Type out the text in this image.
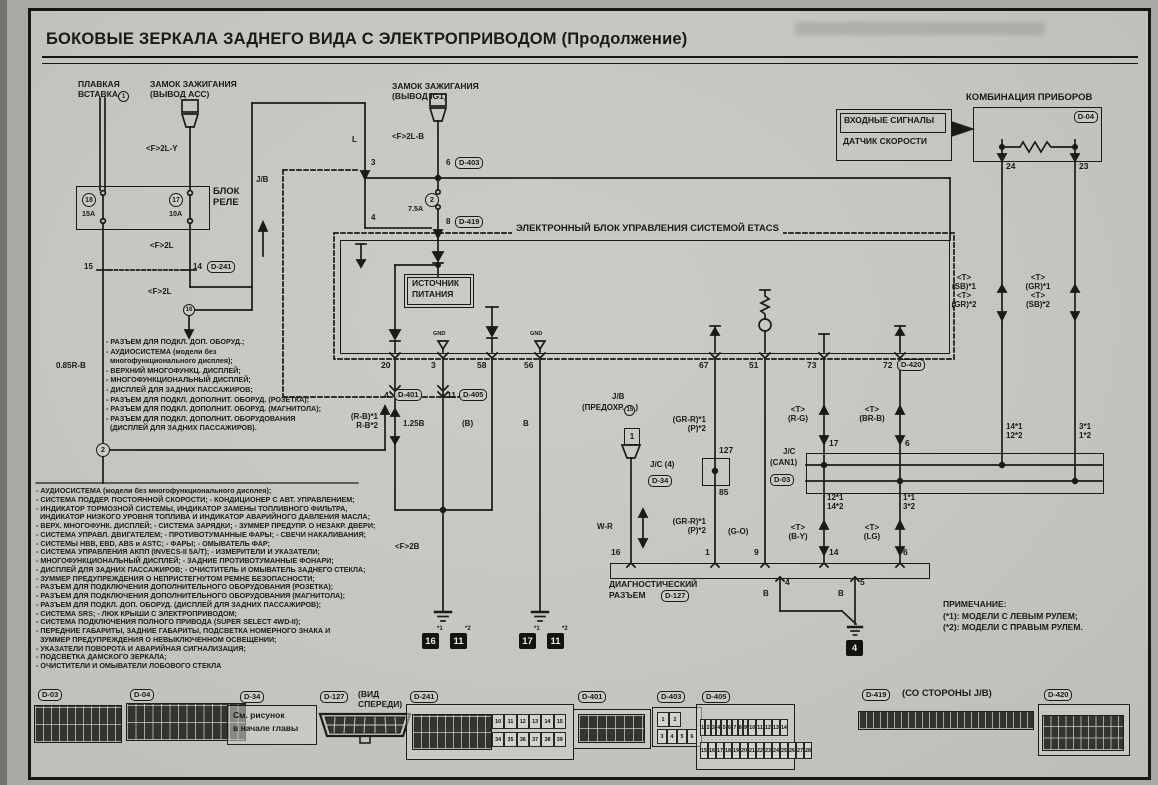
БОКОВЫЕ ЗЕРКАЛА ЗАДНЕГО ВИДА С ЭЛЕКТРОПРИВОДОМ (Продолжение)
ПЛАВКАЯ
ВСТАВКА 1
ЗАМОК ЗАЖИГАНИЯ
(ВЫВОД ACC)
ЗАМОК ЗАЖИГАНИЯ
(ВЫВОД IG1)
<F>2L-Y
БЛОК
РЕЛЕ
18
15A
17
10A
15	14	D-241
<F>2L
<F>2L
16
0.85R-B
2
(R-B)*1
R-B*2
- РАЗЪЕМ ДЛЯ ПОДКЛ. ДОП. ОБОРУД.;
- АУДИОСИСТЕМА (модели без
многофункционального дисплея);
- ВЕРХНИЙ МНОГОФУНКЦ. ДИСПЛЕЙ;
- МНОГОФУНКЦИОНАЛЬНЫЙ ДИСПЛЕЙ;
- ДИСПЛЕЙ ДЛЯ ЗАДНИХ ПАССАЖИРОВ;
- РАЗЪЕМ ДЛЯ ПОДКЛ. ДОПОЛНИТ. ОБОРУД. (РОЗЕТКА);
- РАЗЪЕМ ДЛЯ ПОДКЛ. ДОПОЛНИТ. ОБОРУД. (МАГНИТОЛА);
- РАЗЪЕМ ДЛЯ ПОДКЛ. ДОПОЛНИТ. ОБОРУДОВАНИЯ
(ДИСПЛЕЙ ДЛЯ ЗАДНИХ ПАССАЖИРОВ).
- АУДИОСИСТЕМА (модели без многофункционального дисплея);
- СИСТЕМА ПОДДЕР. ПОСТОЯННОЙ СКОРОСТИ; - КОНДИЦИОНЕР С АВТ. УПРАВЛЕНИЕМ;
- ИНДИКАТОР ТОРМОЗНОЙ СИСТЕМЫ, ИНДИКАТОР ЗАМЕНЫ ТОПЛИВНОГО ФИЛЬТРА,
ИНДИКАТОР НИЗКОГО УРОВНЯ ТОПЛИВА И ИНДИКАТОР АВАРИЙНОГО ДАВЛЕНИЯ МАСЛА;
- ВЕРХ. МНОГОФУНК. ДИСПЛЕЙ; - СИСТЕМА ЗАРЯДКИ; - ЗУММЕР ПРЕДУПР. О НЕЗАКР. ДВЕРИ;
- СИСТЕМА УПРАВЛ. ДВИГАТЕЛЕМ; - ПРОТИВОТУМАННЫЕ ФАРЫ; - СВЕЧИ НАКАЛИВАНИЯ;
- СИСТЕМЫ HBB, EBD, ABS и ASTC; - ФАРЫ; - ОМЫВАТЕЛЬ ФАР;
- СИСТЕМА УПРАВЛЕНИЯ АКПП (INVECS-II 5А/Т); - ИЗМЕРИТЕЛИ И УКАЗАТЕЛИ;
- МНОГОФУНКЦИОНАЛЬНЫЙ ДИСПЛЕЙ; - ЗАДНИЕ ПРОТИВОТУМАННЫЕ ФОНАРИ;
- ДИСПЛЕЙ ДЛЯ ЗАДНИХ ПАССАЖИРОВ; - ОЧИСТИТЕЛЬ И ОМЫВАТЕЛЬ ЗАДНЕГО СТЕКЛА;
- ЗУММЕР ПРЕДУПРЕЖДЕНИЯ О НЕПРИСТЕГНУТОМ РЕМНЕ БЕЗОПАСНОСТИ;
- РАЗЪЕМ ДЛЯ ПОДКЛЮЧЕНИЯ ДОПОЛНИТЕЛЬНОГО ОБОРУДОВАНИЯ (РОЗЕТКА);
- РАЗЪЕМ ДЛЯ ПОДКЛЮЧЕНИЯ ДОПОЛНИТЕЛЬНОГО ОБОРУДОВАНИЯ (МАГНИТОЛА);
- РАЗЪЕМ ДЛЯ ПОДКЛ. ДОП. ОБОРУД. (ДИСПЛЕЙ ДЛЯ ЗАДНИХ ПАССАЖИРОВ);
- СИСТЕМА SRS; - ЛЮК КРЫШИ С ЭЛЕКТРОПРИВОДОМ;
- СИСТЕМА ПОДКЛЮЧЕНИЯ ПОЛНОГО ПРИВОДА (SUPER SELECT 4WD-II);
- ПЕРЕДНИЕ ГАБАРИТЫ, ЗАДНИЕ ГАБАРИТЫ, ПОДСВЕТКА НОМЕРНОГО ЗНАКА И
ЗУММЕР ПРЕДУПРЕЖДЕНИЯ О НЕВЫКЛЮЧЕННОМ ОСВЕЩЕНИИ;
- УКАЗАТЕЛИ ПОВОРОТА И АВАРИЙНАЯ СИГНАЛИЗАЦИЯ;
- ПОДСВЕТКА ДАМСКОГО ЗЕРКАЛА;
- ОЧИСТИТЕЛИ И ОМЫВАТЕЛИ ЛОБОВОГО СТЕКЛА
J/B
L
3
4
<F>2L-B
6	D-403
2
7.5A
8	D-419
ЭЛЕКТРОННЫЙ БЛОК УПРАВЛЕНИЯ СИСТЕМОЙ ETACS
ИСТОЧНИК
ПИТАНИЯ
GND	GND
20	3	58	56	67	51	73	72	D-420
4	D-401	11 D-405
1.25B	(B)	B
<F>2B
*1
16
*2
11
*1
17
*2
11
J/B
(ПРЕДОХР. 15 )
1
W-R
16
(GR-R)*1
(P)*2
127
J/C (4)
D-34
85
(GR-R)*1
(P)*2	(G-O)
1	9
<T>
(R-G)
<T>
(BR-B)
17	6
J/C
(CAN1)
D-03
12*1
14*2
1*1
3*2
<T>
(B-Y)
<T>
(LG)
14	6
КОМБИНАЦИЯ ПРИБОРОВ
D-04
ВХОДНЫЕ СИГНАЛЫ
ДАТЧИК СКОРОСТИ
24	23
<T>
(SB)*1
<T>
(GR)*2
<T>
(GR)*1
<T>
(SB)*2
14*1
12*2
3*1
1*2
ДИАГНОСТИЧЕСКИЙ
РАЗЪЕМ	D-127
4	5
B	B
4
ПРИМЕЧАНИЕ:
(*1): МОДЕЛИ С ЛЕВЫМ РУЛЕМ;
(*2): МОДЕЛИ С ПРАВЫМ РУЛЕМ.
D-03	D-04	D-34
См. рисунок
в начале главы
D-127	(ВИД СПЕРЕДИ)
D-241
10	11	12	13	14	15
34	35	36	37	38	39
D-401	D-403
1	2
3	4	5	6
D-405
1 2 3 4 5 6 7 8 9 10 11 12 13 14
15 16 17 18 19 20 21 22 23 24 25 26 27 28
D-419	(СО СТОРОНЫ J/B)	D-420
